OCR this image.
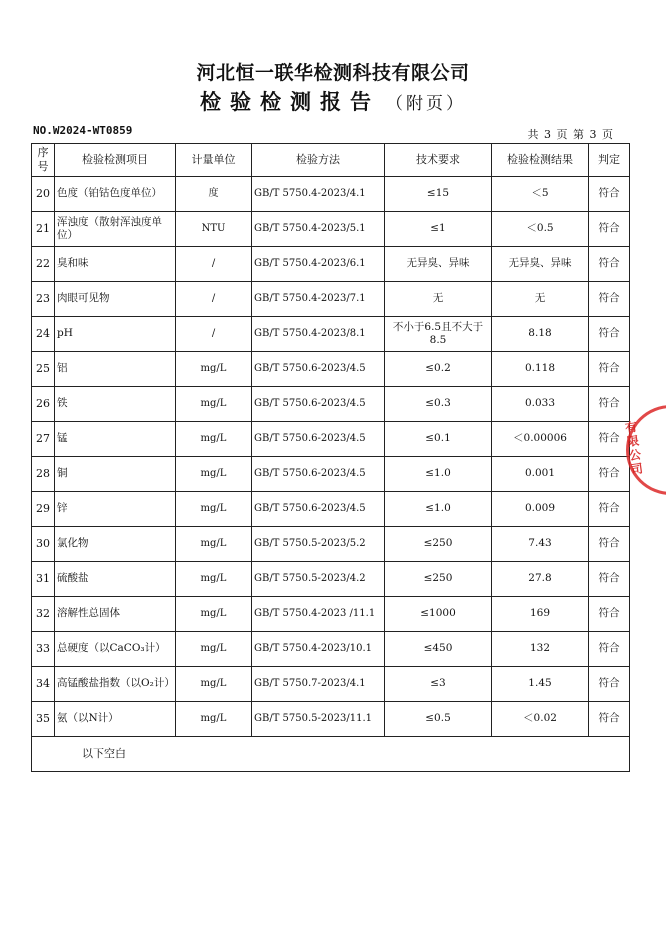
河北恒一联华检测科技有限公司
检验检测报告 （附页）
NO.W2024-WT0859	共 3 页 第 3 页
序号	检验检测项目	计量单位	检验方法	技术要求	检验检测结果	判定
20	色度（铂钴色度单位）	度	GB/T 5750.4-2023/4.1	≤15	＜5	符合
21	浑浊度（散射浑浊度单位）	NTU	GB/T 5750.4-2023/5.1	≤1	＜0.5	符合
22	臭和味	/	GB/T 5750.4-2023/6.1	无异臭、异味	无异臭、异味	符合
23	肉眼可见物	/	GB/T 5750.4-2023/7.1	无	无	符合
24	pH	/	GB/T 5750.4-2023/8.1	不小于6.5且不大于8.5	8.18	符合
25	铝	mg/L	GB/T 5750.6-2023/4.5	≤0.2	0.118	符合
26	铁	mg/L	GB/T 5750.6-2023/4.5	≤0.3	0.033	符合
27	锰	mg/L	GB/T 5750.6-2023/4.5	≤0.1	＜0.00006	符合
28	铜	mg/L	GB/T 5750.6-2023/4.5	≤1.0	0.001	符合
29	锌	mg/L	GB/T 5750.6-2023/4.5	≤1.0	0.009	符合
30	氯化物	mg/L	GB/T 5750.5-2023/5.2	≤250	7.43	符合
31	硫酸盐	mg/L	GB/T 5750.5-2023/4.2	≤250	27.8	符合
32	溶解性总固体	mg/L	GB/T 5750.4-2023 /11.1	≤1000	169	符合
33	总硬度（以CaCO₃计）	mg/L	GB/T 5750.4-2023/10.1	≤450	132	符合
34	高锰酸盐指数（以O₂计）	mg/L	GB/T 5750.7-2023/4.1	≤3	1.45	符合
35	氨（以N计）	mg/L	GB/T 5750.5-2023/11.1	≤0.5	＜0.02	符合
以下空白						
有限公司
